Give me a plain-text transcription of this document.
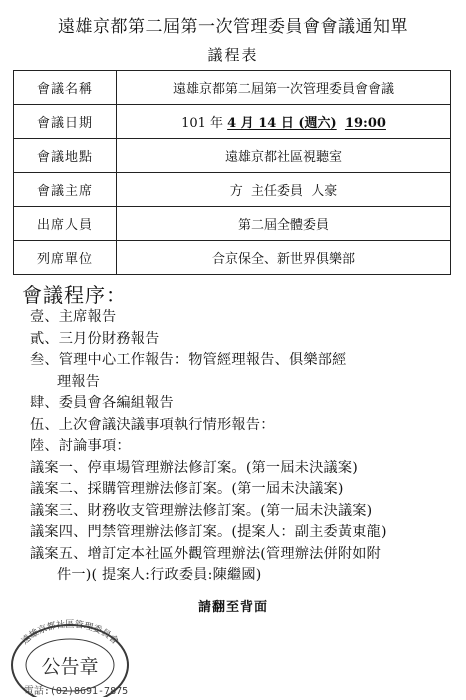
遠雄京都第二屆第一次管理委員會會議通知單
議程表
會議名稱	遠雄京都第二屆第一次管理委員會會議
會議日期	101 年 4 月 14 日 (週六) 19:00
會議地點	遠雄京都社區視聽室
會議主席	方  主任委員  人豪
出席人員	第二屆全體委員
列席單位	合京保全、新世界俱樂部
會議程序：
壹、主席報告
貳、三月份財務報告
叁、管理中心工作報告：物管經理報告、俱樂部經
理報告
肆、委員會各編組報告
伍、上次會議決議事項執行情形報告：
陸、討論事項：
議案一、停車場管理辦法修訂案。(第一屆未決議案)
議案二、採購管理辦法修訂案。(第一屆未決議案)
議案三、財務收支管理辦法修訂案。(第一屆未決議案)
議案四、門禁管理辦法修訂案。(提案人：副主委黃東龍)
議案五、增訂定本社區外觀管理辦法(管理辦法併附如附
件一)( 提案人:行政委員:陳繼國)
請翻至背面
遠雄京都社區管理委員會
公告章
電話:(02)8691-7875
